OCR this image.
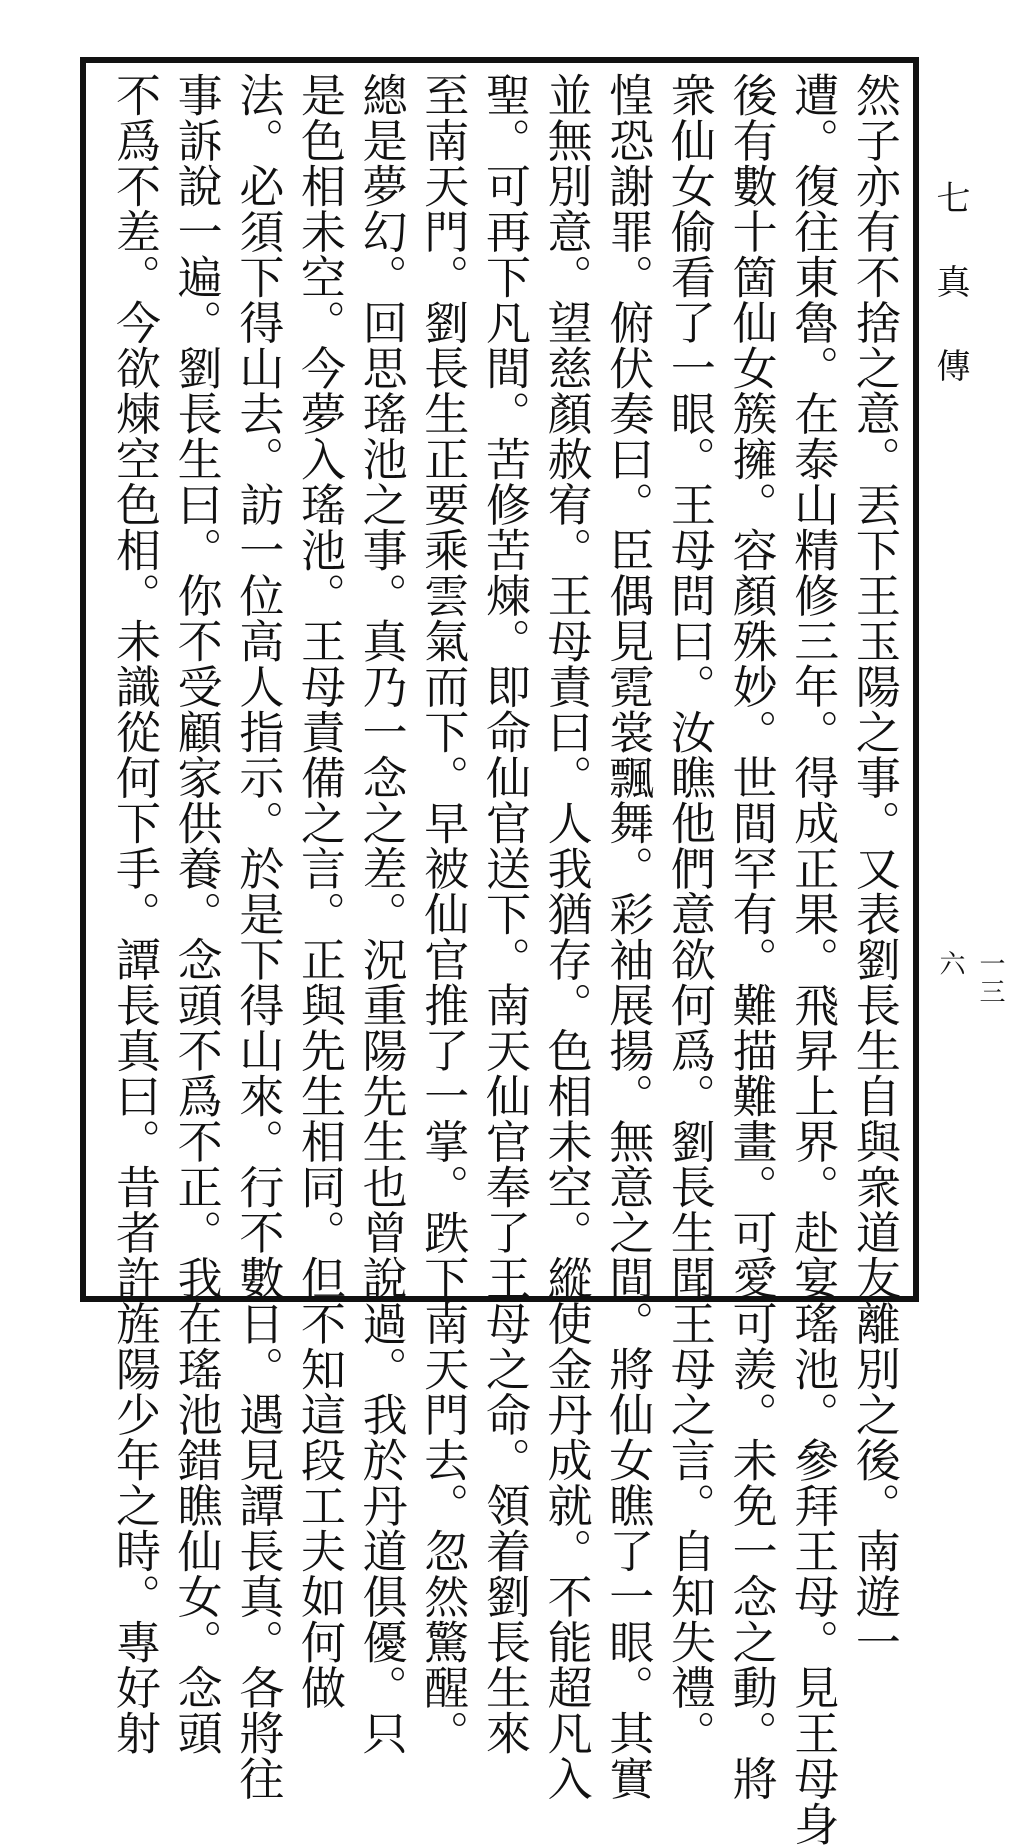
然子亦有不捨之意。丟下王玉陽之事。又表劉長生自與衆道友離別之後。南遊一
遭。復往東魯。在泰山精修三年。得成正果。飛昇上界。赴宴瑤池。參拜王母。見王母身
後有數十箇仙女簇擁。容顏殊妙。世間罕有。難描難畫。可愛可羨。未免一念之動。將
衆仙女偷看了一眼。王母問曰。汝瞧他們意欲何爲。劉長生聞王母之言。自知失禮。
惶恐謝罪。俯伏奏曰。臣偶見霓裳飄舞。彩袖展揚。無意之間。將仙女瞧了一眼。其實
並無別意。望慈顏赦宥。王母責曰。人我猶存。色相未空。縱使金丹成就。不能超凡入
聖。可再下凡間。苦修苦煉。即命仙官送下。南天仙官奉了王母之命。領着劉長生來
至南天門。劉長生正要乘雲氣而下。早被仙官推了一掌。跌下南天門去。忽然驚醒。
總是夢幻。回思瑤池之事。真乃一念之差。況重陽先生也曾說過。我於丹道俱優。只
是色相未空。今夢入瑤池。王母責備之言。正與先生相同。但不知這段工夫如何做
法。必須下得山去。訪一位高人指示。於是下得山來。行不數日。遇見譚長真。各將往
事訴說一遍。劉長生曰。你不受顧家供養。念頭不爲不正。我在瑤池錯瞧仙女。念頭
不爲不差。今欲煉空色相。未識從何下手。譚長真曰。昔者許旌陽少年之時。專好射	七真傳
一三六
